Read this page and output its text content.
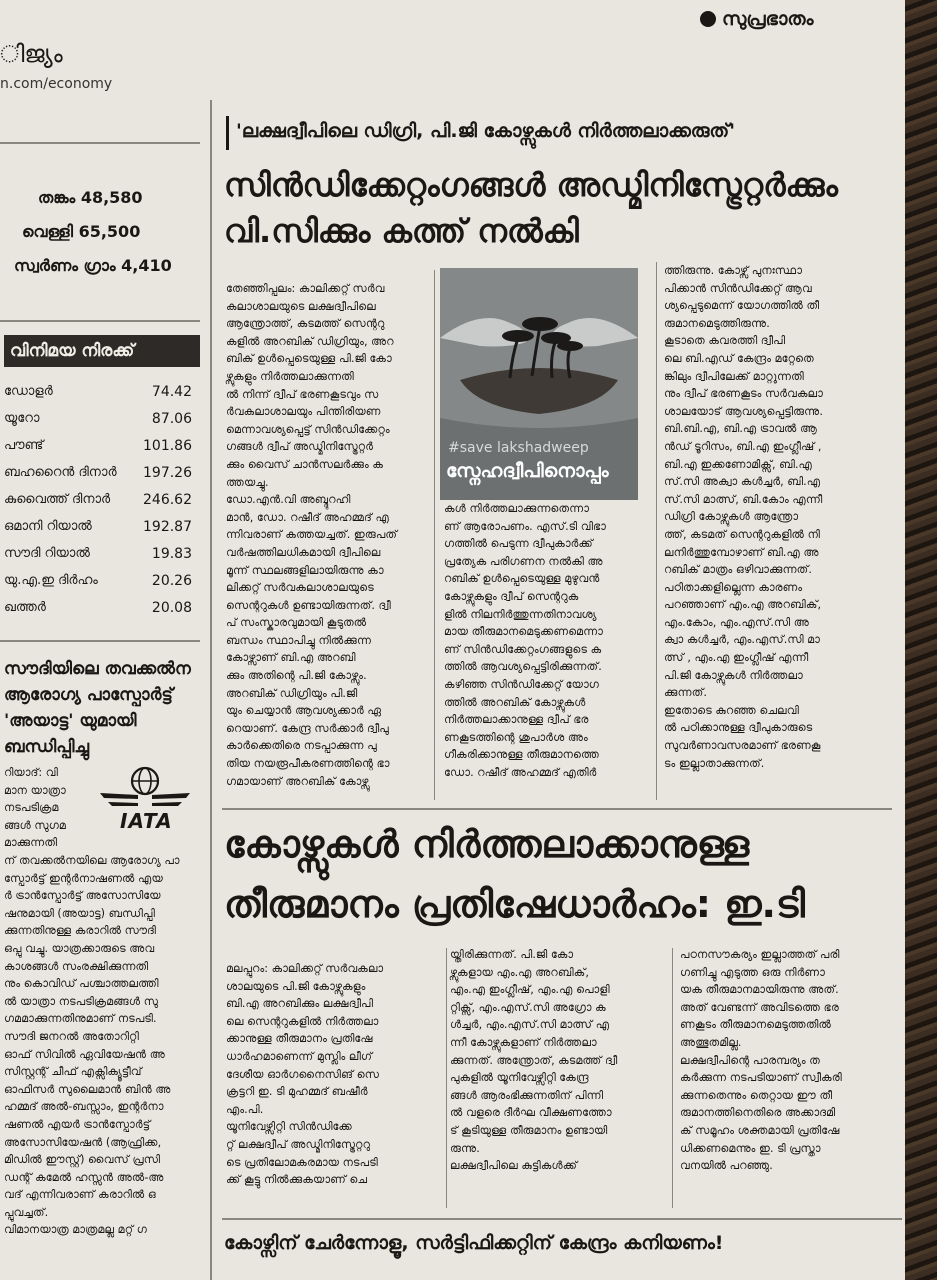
സുപ്രഭാതം
ിജ്യം
n.com/economy
തങ്കം 48,580
വെള്ളി 65,500
സ്വർണം ഗ്രാം 4,410
വിനിമയ നിരക്ക്
ഡോളർ	74.42
യൂറോ	87.06
പൗണ്ട്	101.86
ബഹറൈൻ ദിനാർ 197.26
കുവൈത്ത് ദിനാർ 246.62
ഒമാനി റിയാൽ	192.87
സൗദി റിയാൽ	19.83
യു.എ.ഇ ദിർഹം	20.26
ഖത്തർ	20.08
സൗദിയിലെ തവക്കൽന ആരോഗ്യ പാസ്പോർട്ട് 'അയാട്ട' യുമായി ബന്ധിപ്പിച്ചു
റിയാദ്: വി
മാന യാത്രാ
നടപടിക്രമ
ങ്ങൾ സുഗമ
മാക്കുന്നതി
IATA
ന് തവക്കൽനയിലെ ആരോഗ്യ പാ
സ്പോർട്ട് ഇന്റർനാഷണൽ എയ
ർ ട്രാൻസ്പോർട്ട് അസോസിയേ
ഷനുമായി (അയാട്ട) ബന്ധിപ്പി
ക്കുന്നതിനുള്ള കരാറിൽ സൗദി
ഒപ്പു വച്ചു. യാത്രക്കാരുടെ അവ
കാശങ്ങൾ സംരക്ഷിക്കുന്നതി
നും കൊവിഡ് പശ്ചാത്തലത്തി
ൽ യാത്രാ നടപടിക്രമങ്ങൾ സു
ഗമമാക്കുന്നതിനുമാണ് നടപടി.
സൗദി ജനറൽ അതോറിറ്റി
ഓഫ് സിവിൽ ഏവിയേഷൻ അ
സിസ്റ്റന്റ് ചീഫ് എക്സിക്യൂട്ടീവ്
ഓഫിസർ സുലൈമാൻ ബിൻ അ
ഹമ്മദ് അൽ-ബസ്സാം, ഇന്റർനാ
ഷണൽ എയർ ട്രാൻസ്പോർട്ട്
അസോസിയേഷൻ (ആഫ്രിക്ക,
മിഡിൽ ഈസ്റ്റ്) വൈസ് പ്രസി
ഡന്റ് കമേൽ ഹസ്സൻ അൽ-അ
വദ് എന്നിവരാണ് കരാറിൽ ഒ
പ്പുവച്ചത്.
വിമാനയാത്ര മാത്രമല്ല മറ്റ് ഗ
'ലക്ഷദ്വീപിലെ ഡിഗ്രി, പി.ജി കോഴ്സുകൾ നിർത്തലാക്കരുത്'
സിൻഡിക്കേറ്റംഗങ്ങൾ അഡ്മിനിസ്ട്രേറ്റർക്കും
വി.സിക്കും കത്ത് നൽകി
തേഞ്ഞിപ്പലം: കാലിക്കറ്റ് സർവ
കലാശാലയുടെ ലക്ഷദ്വീപിലെ
ആന്ത്രോത്ത്, കടമത്ത് സെന്ററു
കളിൽ അറബിക് ഡിഗ്രിയും, അറ
ബിക് ഉൾപ്പെടെയുള്ള പി.ജി കോ
ഴ്സുകളും നിർത്തലാക്കുന്നതി
ൽ നിന്ന് ദ്വീപ് ഭരണകൂടവും സ
ർവകലാശാലയും പിന്തിരിയണ
മെന്നാവശ്യപ്പെട്ട് സിൻഡിക്കേറ്റം
ഗങ്ങൾ ദ്വീപ് അഡ്മിനിസ്ട്രേറ്റർ
ക്കും വൈസ് ചാൻസലർക്കും ക
ത്തയച്ചു.
ഡോ.എൻ.വി അബ്ദുറഹി
മാൻ, ഡോ. റഷീദ് അഹമ്മദ് എ
ന്നിവരാണ് കത്തയച്ചത്. ഇരുപത്
വർഷത്തിലധികമായി ദ്വീപിലെ
മൂന്ന് സ്ഥലങ്ങളിലായിരുന്നു കാ
ലിക്കറ്റ് സർവകലാശാലയുടെ
സെന്ററുകൾ ഉണ്ടായിരുന്നത്. ദ്വീ
പ് സംസ്കാരവുമായി കൂടുതൽ
ബന്ധം സ്ഥാപിച്ചു നിൽക്കുന്ന
കോഴ്സാണ് ബി.എ അറബി
ക്കും അതിന്റെ പി.ജി കോഴ്സും.
അറബിക് ഡിഗ്രിയും പി.ജി
യും ചെയ്യാൻ ആവശ്യക്കാർ ഏ
റെയാണ്. കേന്ദ്ര സർക്കാർ ദ്വീപു
കാർക്കെതിരെ നടപ്പാക്കുന്ന പു
തിയ നയരൂപീകരണത്തിന്റെ ഭാ
ഗമായാണ് അറബിക് കോഴ്സു
#save lakshadweep
സ്നേഹദ്വീപിനൊപ്പം
കൾ നിർത്തലാക്കുന്നതെന്നാ
ണ് ആരോപണം. എസ്.ടി വിഭാ
ഗത്തിൽ പെടുന്ന ദ്വീപുകാർക്ക്
പ്രത്യേക പരിഗണന നൽകി അ
റബിക് ഉൾപ്പെടെയുള്ള മുഴുവൻ
കോഴ്സുകളും ദ്വീപ് സെന്ററുക
ളിൽ നിലനിർത്തുന്നതിനാവശ്യ
മായ തീരുമാനമെടുക്കണമെന്നാ
ണ് സിൻഡിക്കേറ്റംഗങ്ങളുടെ ക
ത്തിൽ ആവശ്യപ്പെട്ടിരിക്കുന്നത്.
കഴിഞ്ഞ സിൻഡിക്കേറ്റ് യോഗ
ത്തിൽ അറബിക് കോഴ്സുകൾ
നിർത്തലാക്കാനുള്ള ദ്വീപ് ഭര
ണകൂടത്തിന്റെ ശുപാർശ അം
ഗീകരിക്കാനുള്ള തീരുമാനത്തെ
ഡോ. റഷീദ് അഹമ്മദ് എതിർ
ത്തിരുന്നു. കോഴ്സ് പുനഃസ്ഥാ
പിക്കാൻ സിൻഡിക്കേറ്റ് ആവ
ശ്യപ്പെടുമെന്ന് യോഗത്തിൽ തീ
രുമാനമെടുത്തിരുന്നു.
കൂടാതെ കവരത്തി ദ്വീപി
ലെ ബി.എഡ് കേന്ദ്രം മറ്റേതെ
ങ്കിലും ദ്വീപിലേക്ക് മാറ്റുന്നതി
നും ദ്വീപ് ഭരണകൂടം സർവകലാ
ശാലയോട് ആവശ്യപ്പെട്ടിരുന്നു.
ബി.ബി.എ, ബി.എ ട്രാവൽ ആ
ൻഡ് ടൂറിസം, ബി.എ ഇംഗ്ലീഷ് ,
ബി.എ ഇക്കണോമിക്സ്, ബി.എ
സ്.സി അക്വാ കൾച്ചർ, ബി.എ
സ്.സി മാത്സ്, ബി.കോം എന്നീ
ഡിഗ്രി കോഴ്സുകൾ ആന്ത്രോ
ത്ത്, കടമത് സെന്ററുകളിൽ നി
ലനിർത്തുമ്പോഴാണ് ബി.എ അ
റബിക് മാത്രം ഒഴിവാക്കുന്നത്.
പഠിതാക്കളില്ലെന്ന കാരണം
പറഞ്ഞാണ് എം.എ അറബിക്,
എം.കോം, എം.എസ്.സി അ
ക്വാ കൾച്ചർ, എം.എസ്.സി മാ
ത്സ് , എം.എ ഇംഗ്ലീഷ് എന്നീ
പി.ജി കോഴ്സുകൾ നിർത്തലാ
ക്കുന്നത്.
ഇതോടെ കുറഞ്ഞ ചെലവി
ൽ പഠിക്കാനുള്ള ദ്വീപുകാരുടെ
സുവർണാവസരമാണ് ഭരണകൂ
ടം ഇല്ലാതാക്കുന്നത്.
കോഴ്സുകൾ നിർത്തലാക്കാനുള്ള
തീരുമാനം പ്രതിഷേധാർഹം: ഇ.ടി
മലപ്പുറം: കാലിക്കറ്റ് സർവകലാ
ശാലയുടെ പി.ജി കോഴ്സുകളും
ബി.എ അറബിക്കും ലക്ഷദ്വീപി
ലെ സെന്ററുകളിൽ നിർത്തലാ
ക്കാനുള്ള തീരുമാനം പ്രതിഷേ
ധാർഹമാണെന്ന് മുസ്ലിം ലീഗ്
ദേശീയ ഓർഗനൈസിങ് സെ
ക്രട്ടറി ഇ. ടി മുഹമ്മദ് ബഷീർ
എം.പി.
യൂനിവേഴ്സിറ്റി സിൻഡിക്കേ
റ്റ് ലക്ഷദ്വീപ് അഡ്മിനിസ്ട്രേറ്ററു
ടെ പ്രതിലോമകരമായ നടപടി
ക്ക് കൂട്ടു നിൽക്കുകയാണ് ചെ
യ്തിരിക്കുന്നത്. പി.ജി കോ
ഴ്സുകളായ എം.എ അറബിക്,
എം.എ ഇംഗ്ലീഷ്, എം.എ പൊളി
റ്റിക്സ്, എം.എസ്.സി അഗ്രോ ക
ൾച്ചർ, എം.എസ്.സി മാത്സ് എ
ന്നീ കോഴ്സുകളാണ് നിർത്തലാ
ക്കുന്നത്. അന്ത്രോത്, കടമത്ത് ദ്വീ
പുകളിൽ യൂനിവേഴ്സിറ്റി കേന്ദ്ര
ങ്ങൾ ആരംഭിക്കുന്നതിന് പിന്നി
ൽ വളരെ ദീർഘ വീക്ഷണത്തോ
ട് കൂടിയുള്ള തീരുമാനം ഉണ്ടായി
രുന്നു.
ലക്ഷദ്വീപിലെ കുട്ടികൾക്ക്
പഠനസൗകര്യം ഇല്ലാത്തത് പരി
ഗണിച്ചു എടുത്ത ഒരു നിർണാ
യക തീരുമാനമായിരുന്നു അത്.
അത് വേണ്ടന്ന് അവിടത്തെ ഭര
ണകൂടം തീരുമാനമെടുത്തതിൽ
അത്ഭുതമില്ല.
ലക്ഷദ്വീപിന്റെ പാരമ്പര്യം ത
കർക്കുന്ന നടപടിയാണ് സ്വീകരി
ക്കുന്നതെന്നും തെറ്റായ ഈ തീ
രുമാനത്തിനെതിരെ അക്കാദമി
ക് സമൂഹം ശക്തമായി പ്രതിഷേ
ധിക്കണമെന്നും ഇ. ടി പ്രസ്താ
വനയിൽ പറഞ്ഞു.
കോഴ്സിന് ചേർന്നോളൂ, സർട്ടിഫിക്കറ്റിന് കേന്ദ്രം കനിയണം!
